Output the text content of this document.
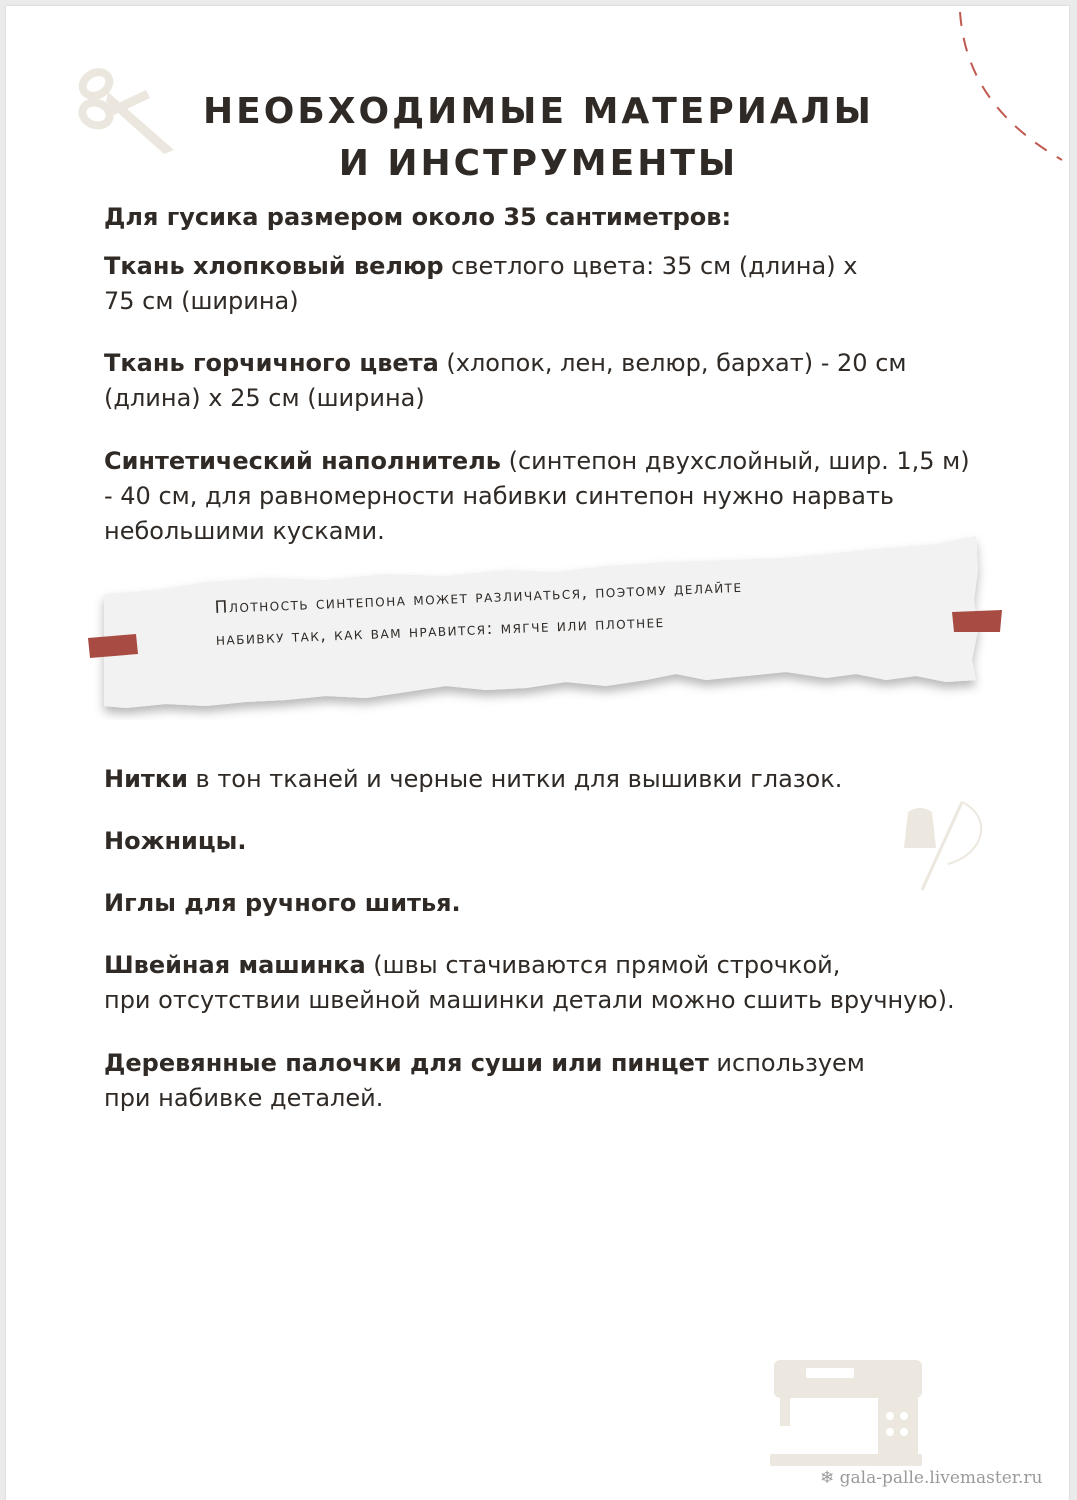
НЕОБХОДИМЫЕ МАТЕРИАЛЫ
И ИНСТРУМЕНТЫ
Для гусика размером около 35 сантиметров:
Ткань хлопковый велюр светлого цвета: 35 см (длина) х
75 см (ширина)
Ткань горчичного цвета (хлопок, лен, велюр, бархат) - 20 см
(длина) х 25 см (ширина)
Синтетический наполнитель (синтепон двухслойный, шир. 1,5 м)
- 40 см, для равномерности набивки синтепон нужно нарвать
небольшими кусками.
Плотность синтепона может различаться, поэтому делайте
набивку так, как вам нравится: мягче или плотнее
Нитки в тон тканей и черные нитки для вышивки глазок.
Ножницы.
Иглы для ручного шитья.
Швейная машинка (швы стачиваются прямой строчкой,
при отсутствии швейной машинки детали можно сшить вручную).
Деревянные палочки для суши или пинцет используем
при набивке деталей.
❄ gala-palle.livemaster.ru
